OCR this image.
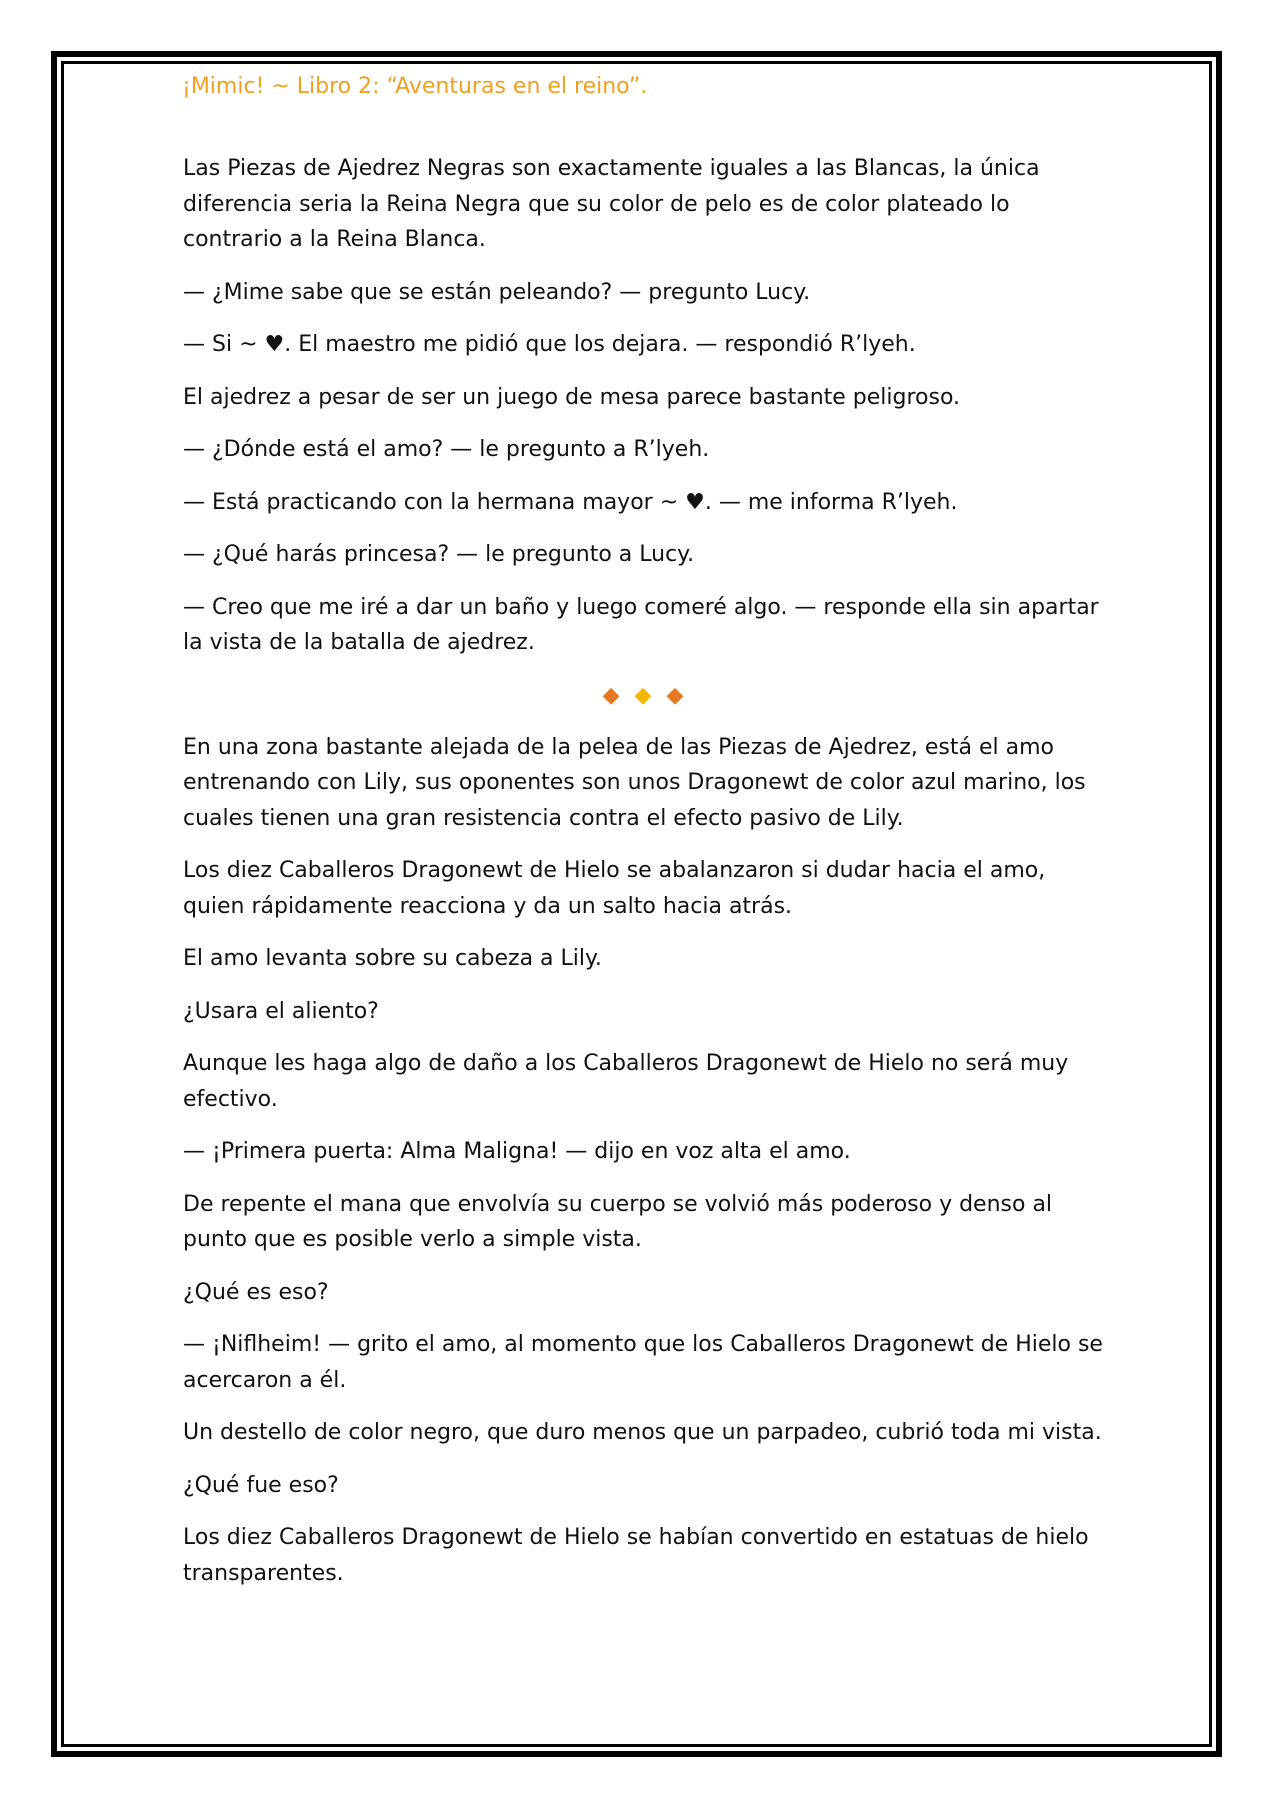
¡Mimic! ~ Libro 2: “Aventuras en el reino”.

Las Piezas de Ajedrez Negras son exactamente iguales a las Blancas, la única diferencia seria la Reina Negra que su color de pelo es de color plateado lo contrario a la Reina Blanca.

— ¿Mime sabe que se están peleando? — pregunto Lucy.

— Si ~ ♥. El maestro me pidió que los dejara. — respondió R’lyeh.

El ajedrez a pesar de ser un juego de mesa parece bastante peligroso.

— ¿Dónde está el amo? — le pregunto a R’lyeh.

— Está practicando con la hermana mayor ~ ♥. — me informa R’lyeh.

— ¿Qué harás princesa? — le pregunto a Lucy.

— Creo que me iré a dar un baño y luego comeré algo. — responde ella sin apartar la vista de la batalla de ajedrez.

◆ ◆ ◆

En una zona bastante alejada de la pelea de las Piezas de Ajedrez, está el amo entrenando con Lily, sus oponentes son unos Dragonewt de color azul marino, los cuales tienen una gran resistencia contra el efecto pasivo de Lily.

Los diez Caballeros Dragonewt de Hielo se abalanzaron si dudar hacia el amo, quien rápidamente reacciona y da un salto hacia atrás.

El amo levanta sobre su cabeza a Lily.

¿Usara el aliento?

Aunque les haga algo de daño a los Caballeros Dragonewt de Hielo no será muy efectivo.

— ¡Primera puerta: Alma Maligna! — dijo en voz alta el amo.

De repente el mana que envolvía su cuerpo se volvió más poderoso y denso al punto que es posible verlo a simple vista.

¿Qué es eso?

— ¡Niflheim! — grito el amo, al momento que los Caballeros Dragonewt de Hielo se acercaron a él.

Un destello de color negro, que duro menos que un parpadeo, cubrió toda mi vista.

¿Qué fue eso?

Los diez Caballeros Dragonewt de Hielo se habían convertido en estatuas de hielo transparentes.
